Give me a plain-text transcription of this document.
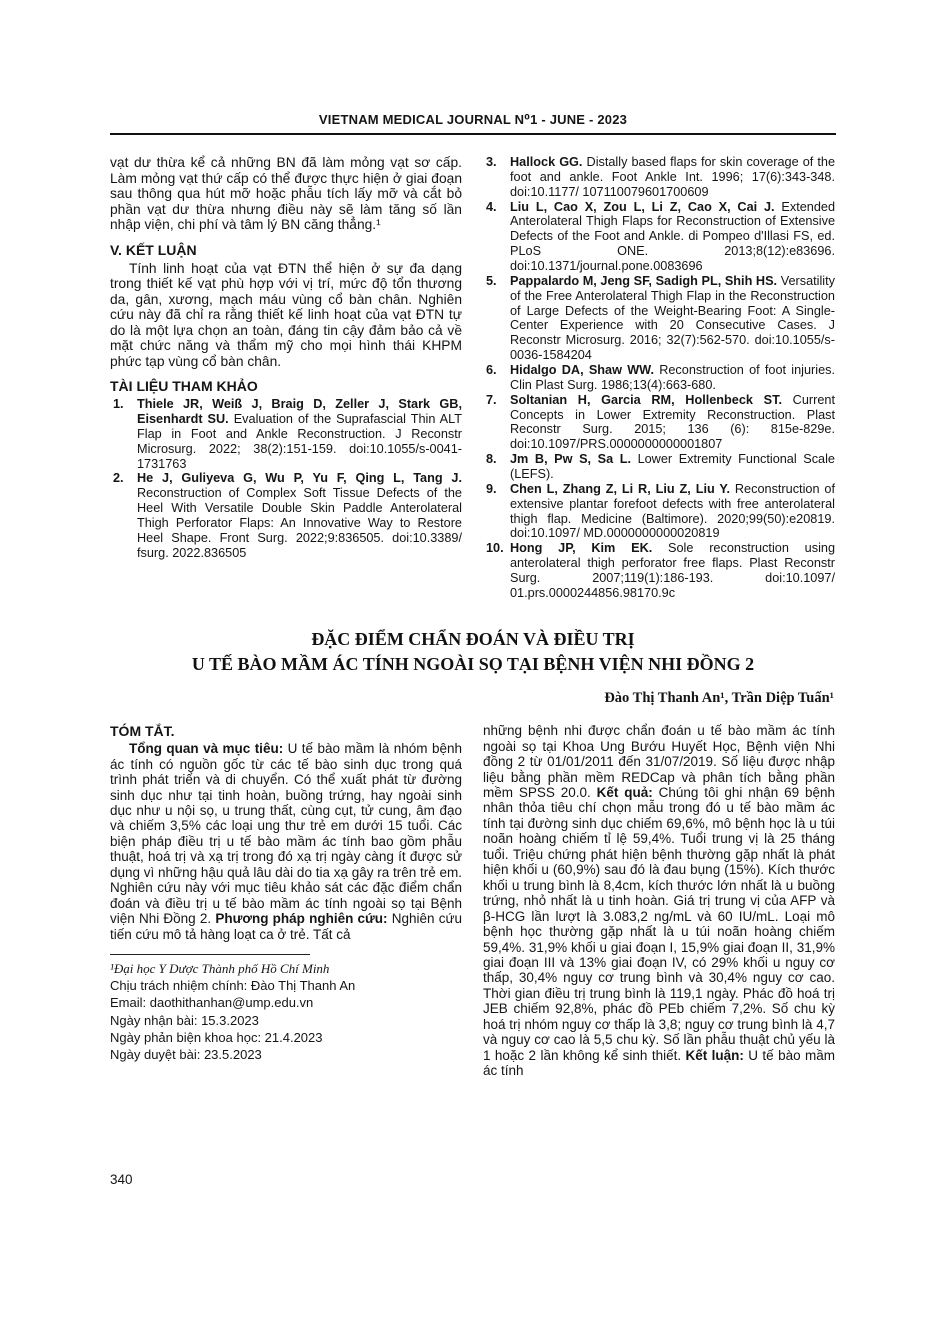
VIETNAM MEDICAL JOURNAL N⁰1 - JUNE - 2023

vạt dư thừa kể cả những BN đã làm mỏng vạt sơ cấp. Làm mỏng vạt thứ cấp có thể được thực hiện ở giai đoạn sau thông qua hút mỡ hoặc phẫu tích lấy mỡ và cắt bỏ phần vạt dư thừa nhưng điều này sẽ làm tăng số lần nhập viện, chi phí và tâm lý BN căng thẳng.¹

V. KẾT LUẬN

Tính linh hoạt của vạt ĐTN thể hiện ở sự đa dạng trong thiết kế vạt phù hợp với vị trí, mức độ tổn thương da, gân, xương, mạch máu vùng cổ bàn chân. Nghiên cứu này đã chỉ ra rằng thiết kế linh hoạt của vạt ĐTN tự do là một lựa chọn an toàn, đáng tin cậy đảm bảo cả về mặt chức năng và thẩm mỹ cho mọi hình thái KHPM phức tạp vùng cổ bàn chân.

TÀI LIỆU THAM KHẢO

1. Thiele JR, Weiß J, Braig D, Zeller J, Stark GB, Eisenhardt SU. Evaluation of the Suprafascial Thin ALT Flap in Foot and Ankle Reconstruction. J Reconstr Microsurg. 2022; 38(2):151-159. doi:10.1055/s-0041-1731763

2. He J, Guliyeva G, Wu P, Yu F, Qing L, Tang J. Reconstruction of Complex Soft Tissue Defects of the Heel With Versatile Double Skin Paddle Anterolateral Thigh Perforator Flaps: An Innovative Way to Restore Heel Shape. Front Surg. 2022;9:836505. doi:10.3389/ fsurg. 2022.836505

3. Hallock GG. Distally based flaps for skin coverage of the foot and ankle. Foot Ankle Int. 1996; 17(6):343-348. doi:10.1177/ 107110079601700609

4. Liu L, Cao X, Zou L, Li Z, Cao X, Cai J. Extended Anterolateral Thigh Flaps for Reconstruction of Extensive Defects of the Foot and Ankle. di Pompeo d'Illasi FS, ed. PLoS ONE. 2013;8(12):e83696. doi:10.1371/journal.pone.0083696

5. Pappalardo M, Jeng SF, Sadigh PL, Shih HS. Versatility of the Free Anterolateral Thigh Flap in the Reconstruction of Large Defects of the Weight-Bearing Foot: A Single-Center Experience with 20 Consecutive Cases. J Reconstr Microsurg. 2016; 32(7):562-570. doi:10.1055/s-0036-1584204

6. Hidalgo DA, Shaw WW. Reconstruction of foot injuries. Clin Plast Surg. 1986;13(4):663-680.

7. Soltanian H, Garcia RM, Hollenbeck ST. Current Concepts in Lower Extremity Reconstruction. Plast Reconstr Surg. 2015; 136 (6): 815e-829e. doi:10.1097/PRS.0000000000001807

8. Jm B, Pw S, Sa L. Lower Extremity Functional Scale (LEFS).

9. Chen L, Zhang Z, Li R, Liu Z, Liu Y. Reconstruction of extensive plantar forefoot defects with free anterolateral thigh flap. Medicine (Baltimore). 2020;99(50):e20819. doi:10.1097/ MD.0000000000020819

10. Hong JP, Kim EK. Sole reconstruction using anterolateral thigh perforator free flaps. Plast Reconstr Surg. 2007;119(1):186-193. doi:10.1097/ 01.prs.0000244856.98170.9c

ĐẶC ĐIỂM CHẨN ĐOÁN VÀ ĐIỀU TRỊ
U TẾ BÀO MẦM ÁC TÍNH NGOÀI SỌ TẠI BỆNH VIỆN NHI ĐỒNG 2

Đào Thị Thanh An¹, Trần Diệp Tuấn¹

TÓM TẮT.

Tổng quan và mục tiêu: U tế bào mầm là nhóm bệnh ác tính có nguồn gốc từ các tế bào sinh dục trong quá trình phát triển và di chuyển. Có thể xuất phát từ đường sinh dục như tại tinh hoàn, buồng trứng, hay ngoài sinh dục như u nội sọ, u trung thất, cùng cụt, tử cung, âm đạo và chiếm 3,5% các loại ung thư trẻ em dưới 15 tuổi. Các biện pháp điều trị u tế bào mầm ác tính bao gồm phẫu thuật, hoá trị và xạ trị trong đó xạ trị ngày càng ít được sử dụng vì những hậu quả lâu dài do tia xạ gây ra trên trẻ em. Nghiên cứu này với mục tiêu khảo sát các đặc điểm chẩn đoán và điều trị u tế bào mầm ác tính ngoài sọ tại Bệnh viện Nhi Đồng 2. Phương pháp nghiên cứu: Nghiên cứu tiến cứu mô tả hàng loạt ca ở trẻ. Tất cả

¹Đại học Y Dược Thành phố Hồ Chí Minh

Chịu trách nhiệm chính: Đào Thị Thanh An

Email: daothithanhan@ump.edu.vn

Ngày nhận bài: 15.3.2023

Ngày phản biện khoa học: 21.4.2023

Ngày duyệt bài: 23.5.2023

những bệnh nhi được chẩn đoán u tế bào mầm ác tính ngoài sọ tại Khoa Ung Bướu Huyết Học, Bệnh viện Nhi đồng 2 từ 01/01/2011 đến 31/07/2019. Số liệu được nhập liệu bằng phần mềm REDCap và phân tích bằng phần mềm SPSS 20.0. Kết quả: Chúng tôi ghi nhận 69 bệnh nhân thỏa tiêu chí chọn mẫu trong đó u tế bào mầm ác tính tại đường sinh dục chiếm 69,6%, mô bệnh học là u túi noãn hoàng chiếm tỉ lệ 59,4%. Tuổi trung vị là 25 tháng tuổi. Triệu chứng phát hiện bệnh thường gặp nhất là phát hiện khối u (60,9%) sau đó là đau bụng (15%). Kích thước khối u trung bình là 8,4cm, kích thước lớn nhất là u buồng trứng, nhỏ nhất là u tinh hoàn. Giá trị trung vị của AFP và β-HCG lần lượt là 3.083,2 ng/mL và 60 IU/mL. Loại mô bệnh học thường gặp nhất là u túi noãn hoàng chiếm 59,4%. 31,9% khối u giai đoạn I, 15,9% giai đoạn II, 31,9% giai đoạn III và 13% giai đoạn IV, có 29% khối u nguy cơ thấp, 30,4% nguy cơ trung bình và 30,4% nguy cơ cao. Thời gian điều trị trung bình là 119,1 ngày. Phác đồ hoá trị JEB chiếm 92,8%, phác đồ PEb chiếm 7,2%. Số chu kỳ hoá trị nhóm nguy cơ thấp là 3,8; nguy cơ trung bình là 4,7 và nguy cơ cao là 5,5 chu kỳ. Số lần phẫu thuật chủ yếu là 1 hoặc 2 lần không kể sinh thiết. Kết luận: U tế bào mầm ác tính

340
